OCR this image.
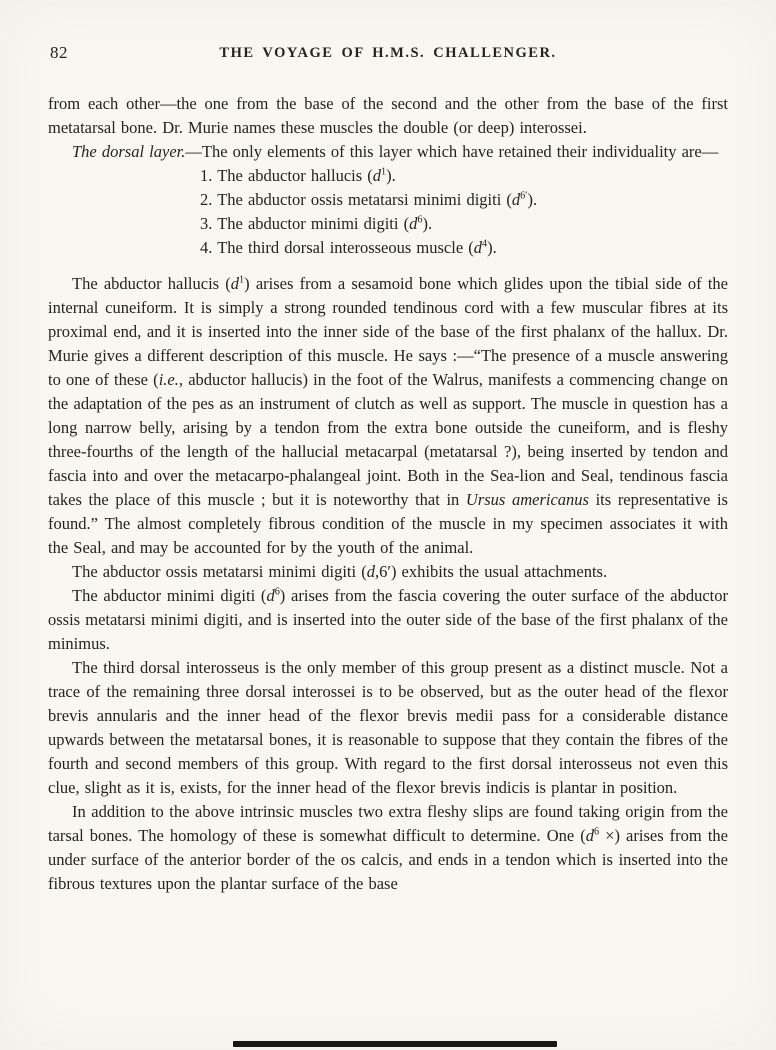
82	THE VOYAGE OF H.M.S. CHALLENGER.

from each other—the one from the base of the second and the other from the base of the first metatarsal bone. Dr. Murie names these muscles the double (or deep) interossei.

The dorsal layer.—The only elements of this layer which have retained their individuality are—

1. The abductor hallucis $(d^1)$.
2. The abductor ossis metatarsi minimi digiti $(d^{6'})$.
3. The abductor minimi digiti $(d^6)$.
4. The third dorsal interosseous muscle $(d^4)$.

The abductor hallucis $(d^1)$ arises from a sesamoid bone which glides upon the tibial side of the internal cuneiform. It is simply a strong rounded tendinous cord with a few muscular fibres at its proximal end, and it is inserted into the inner side of the base of the first phalanx of the hallux. Dr. Murie gives a different description of this muscle. He says :—“The presence of a muscle answering to one of these (i.e., abductor hallucis) in the foot of the Walrus, manifests a commencing change on the adaptation of the pes as an instrument of clutch as well as support. The muscle in question has a long narrow belly, arising by a tendon from the extra bone outside the cuneiform, and is fleshy three-fourths of the length of the hallucial metacarpal (metatarsal ?), being inserted by tendon and fascia into and over the metacarpo-phalangeal joint. Both in the Sea-lion and Seal, tendinous fascia takes the place of this muscle ; but it is noteworthy that in Ursus americanus its representative is found.” The almost completely fibrous condition of the muscle in my specimen associates it with the Seal, and may be accounted for by the youth of the animal.

The abductor ossis metatarsi minimi digiti (d,6′) exhibits the usual attachments.

The abductor minimi digiti $(d^6)$ arises from the fascia covering the outer surface of the abductor ossis metatarsi minimi digiti, and is inserted into the outer side of the base of the first phalanx of the minimus.

The third dorsal interosseus is the only member of this group present as a distinct muscle. Not a trace of the remaining three dorsal interossei is to be observed, but as the outer head of the flexor brevis annularis and the inner head of the flexor brevis medii pass for a considerable distance upwards between the metatarsal bones, it is reasonable to suppose that they contain the fibres of the fourth and second members of this group. With regard to the first dorsal interosseus not even this clue, slight as it is, exists, for the inner head of the flexor brevis indicis is plantar in position.

In addition to the above intrinsic muscles two extra fleshy slips are found taking origin from the tarsal bones. The homology of these is somewhat difficult to determine. One ($d^6$ ×) arises from the under surface of the anterior border of the os calcis, and ends in a tendon which is inserted into the fibrous textures upon the plantar surface of the base
